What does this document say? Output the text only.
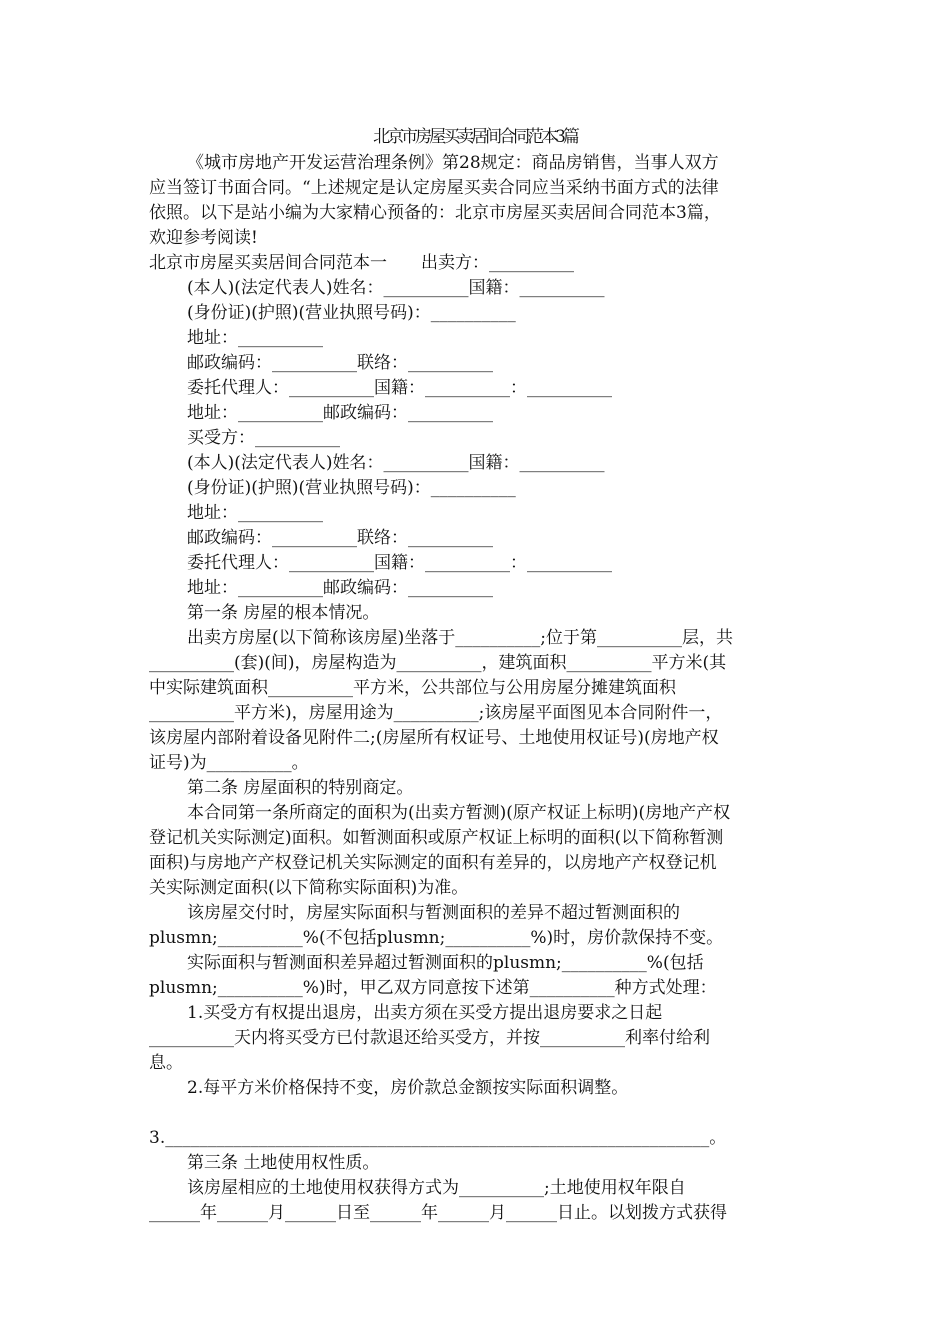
北京市房屋买卖居间合同范本3篇

《城市房地产开发运营治理条例》第28规定：商品房销售，当事人双方

应当签订书面合同。“上述规定是认定房屋买卖合同应当采纳书面方式的法律

依照。以下是站小编为大家精心预备的：北京市房屋买卖居间合同范本3篇，

欢迎参考阅读!

北京市房屋买卖居间合同范本一　　出卖方：__________

(本人)(法定代表人)姓名：__________国籍：__________

(身份证)(护照)(营业执照号码)：__________

地址：__________

邮政编码：__________联络：__________

委托代理人：__________国籍：__________：__________

地址：__________邮政编码：__________

买受方：__________

(本人)(法定代表人)姓名：__________国籍：__________

(身份证)(护照)(营业执照号码)：__________

地址：__________

邮政编码：__________联络：__________

委托代理人：__________国籍：__________：__________

地址：__________邮政编码：__________

第一条 房屋的根本情况。

出卖方房屋(以下简称该房屋)坐落于__________;位于第__________层，共

__________(套)(间)，房屋构造为__________，建筑面积__________平方米(其

中实际建筑面积__________平方米，公共部位与公用房屋分摊建筑面积

__________平方米)，房屋用途为__________;该房屋平面图见本合同附件一，

该房屋内部附着设备见附件二;(房屋所有权证号、土地使用权证号)(房地产权

证号)为__________。

第二条 房屋面积的特别商定。

本合同第一条所商定的面积为(出卖方暂测)(原产权证上标明)(房地产产权

登记机关实际测定)面积。如暂测面积或原产权证上标明的面积(以下简称暂测

面积)与房地产产权登记机关实际测定的面积有差异的，以房地产产权登记机

关实际测定面积(以下简称实际面积)为准。

该房屋交付时，房屋实际面积与暂测面积的差异不超过暂测面积的

plusmn;__________%(不包括plusmn;__________%)时，房价款保持不变。

实际面积与暂测面积差异超过暂测面积的plusmn;__________%(包括

plusmn;__________%)时，甲乙双方同意按下述第__________种方式处理：

1.买受方有权提出退房，出卖方须在买受方提出退房要求之日起

__________天内将买受方已付款退还给买受方，并按__________利率付给利

息。

2.每平方米价格保持不变，房价款总金额按实际面积调整。

3.________________________________________________________________。

第三条 土地使用权性质。

该房屋相应的土地使用权获得方式为__________;土地使用权年限自

______年______月______日至______年______月______日止。以划拨方式获得
